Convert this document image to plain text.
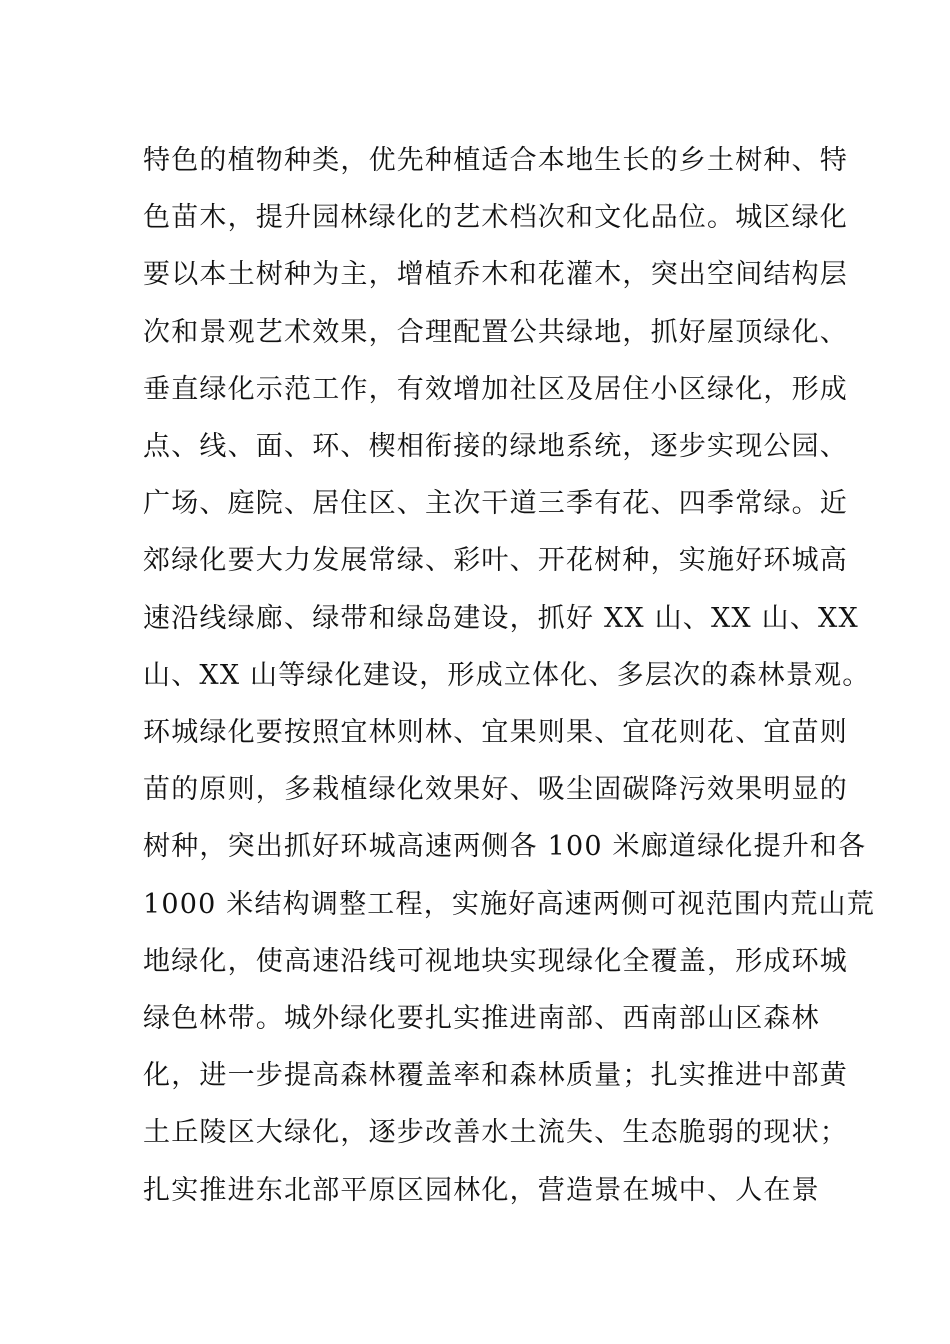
特色的植物种类，优先种植适合本地生长的乡土树种、特
色苗木，提升园林绿化的艺术档次和文化品位。城区绿化
要以本土树种为主，增植乔木和花灌木，突出空间结构层
次和景观艺术效果，合理配置公共绿地，抓好屋顶绿化、
垂直绿化示范工作，有效增加社区及居住小区绿化，形成
点、线、面、环、楔相衔接的绿地系统，逐步实现公园、
广场、庭院、居住区、主次干道三季有花、四季常绿。近
郊绿化要大力发展常绿、彩叶、开花树种，实施好环城高
速沿线绿廊、绿带和绿岛建设，抓好 XX 山、XX 山、XX
山、XX 山等绿化建设，形成立体化、多层次的森林景观。
环城绿化要按照宜林则林、宜果则果、宜花则花、宜苗则
苗的原则，多栽植绿化效果好、吸尘固碳降污效果明显的
树种，突出抓好环城高速两侧各 100 米廊道绿化提升和各
1000 米结构调整工程，实施好高速两侧可视范围内荒山荒
地绿化，使高速沿线可视地块实现绿化全覆盖，形成环城
绿色林带。城外绿化要扎实推进南部、西南部山区森林
化，进一步提高森林覆盖率和森林质量；扎实推进中部黄
土丘陵区大绿化，逐步改善水土流失、生态脆弱的现状；
扎实推进东北部平原区园林化，营造景在城中、人在景
